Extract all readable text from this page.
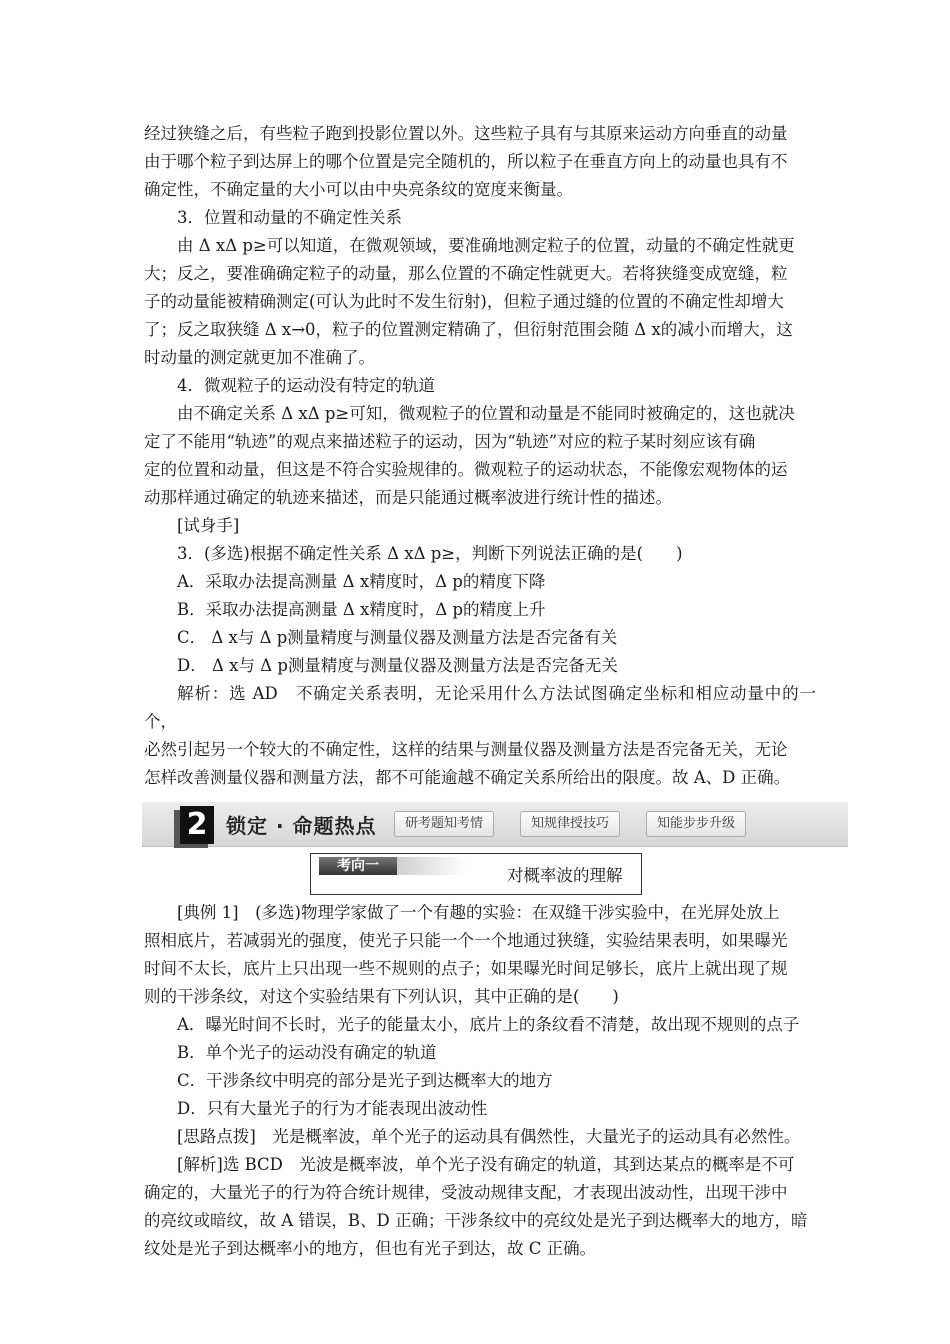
经过狭缝之后，有些粒子跑到投影位置以外。这些粒子具有与其原来运动方向垂直的动量

由于哪个粒子到达屏上的哪个位置是完全随机的，所以粒子在垂直方向上的动量也具有不

确定性，不确定量的大小可以由中央亮条纹的宽度来衡量。

3．位置和动量的不确定性关系

由 Δ xΔ p≥可以知道，在微观领域，要准确地测定粒子的位置，动量的不确定性就更

大；反之，要准确确定粒子的动量，那么位置的不确定性就更大。若将狭缝变成宽缝，粒

子的动量能被精确测定(可认为此时不发生衍射)，但粒子通过缝的位置的不确定性却增大

了；反之取狭缝 Δ x→0，粒子的位置测定精确了，但衍射范围会随 Δ x的减小而增大，这

时动量的测定就更加不准确了。

4．微观粒子的运动没有特定的轨道

由不确定关系 Δ xΔ p≥可知，微观粒子的位置和动量是不能同时被确定的，这也就决

定了不能用“轨迹”的观点来描述粒子的运动，因为“轨迹”对应的粒子某时刻应该有确

定的位置和动量，但这是不符合实验规律的。微观粒子的运动状态，不能像宏观物体的运

动那样通过确定的轨迹来描述，而是只能通过概率波进行统计性的描述。

[试身手]

3．(多选)根据不确定性关系 Δ xΔ p≥，判断下列说法正确的是(　　)

A．采取办法提高测量 Δ x精度时，Δ p的精度下降

B．采取办法提高测量 Δ x精度时，Δ p的精度上升

C． Δ x与 Δ p测量精度与测量仪器及测量方法是否完备有关

D． Δ x与 Δ p测量精度与测量仪器及测量方法是否完备无关

解析：选 AD　不确定关系表明，无论采用什么方法试图确定坐标和相应动量中的一个，

必然引起另一个较大的不确定性，这样的结果与测量仪器及测量方法是否完备无关，无论

怎样改善测量仪器和测量方法，都不可能逾越不确定关系所给出的限度。故 A、D 正确。

2 锁定 · 命题热点	研考题知考情	知规律授技巧	知能步步升级
考向一	对概率波的理解

[典例 1]　(多选)物理学家做了一个有趣的实验：在双缝干涉实验中，在光屏处放上

照相底片，若减弱光的强度，使光子只能一个一个地通过狭缝，实验结果表明，如果曝光

时间不太长，底片上只出现一些不规则的点子；如果曝光时间足够长，底片上就出现了规

则的干涉条纹，对这个实验结果有下列认识，其中正确的是(　　)

A．曝光时间不长时，光子的能量太小，底片上的条纹看不清楚，故出现不规则的点子

B．单个光子的运动没有确定的轨道

C．干涉条纹中明亮的部分是光子到达概率大的地方

D．只有大量光子的行为才能表现出波动性

[思路点拨]　光是概率波，单个光子的运动具有偶然性，大量光子的运动具有必然性。

[解析]选 BCD　光波是概率波，单个光子没有确定的轨道，其到达某点的概率是不可

确定的，大量光子的行为符合统计规律，受波动规律支配，才表现出波动性，出现干涉中

的亮纹或暗纹，故 A 错误，B、D 正确；干涉条纹中的亮纹处是光子到达概率大的地方，暗

纹处是光子到达概率小的地方，但也有光子到达，故 C 正确。
